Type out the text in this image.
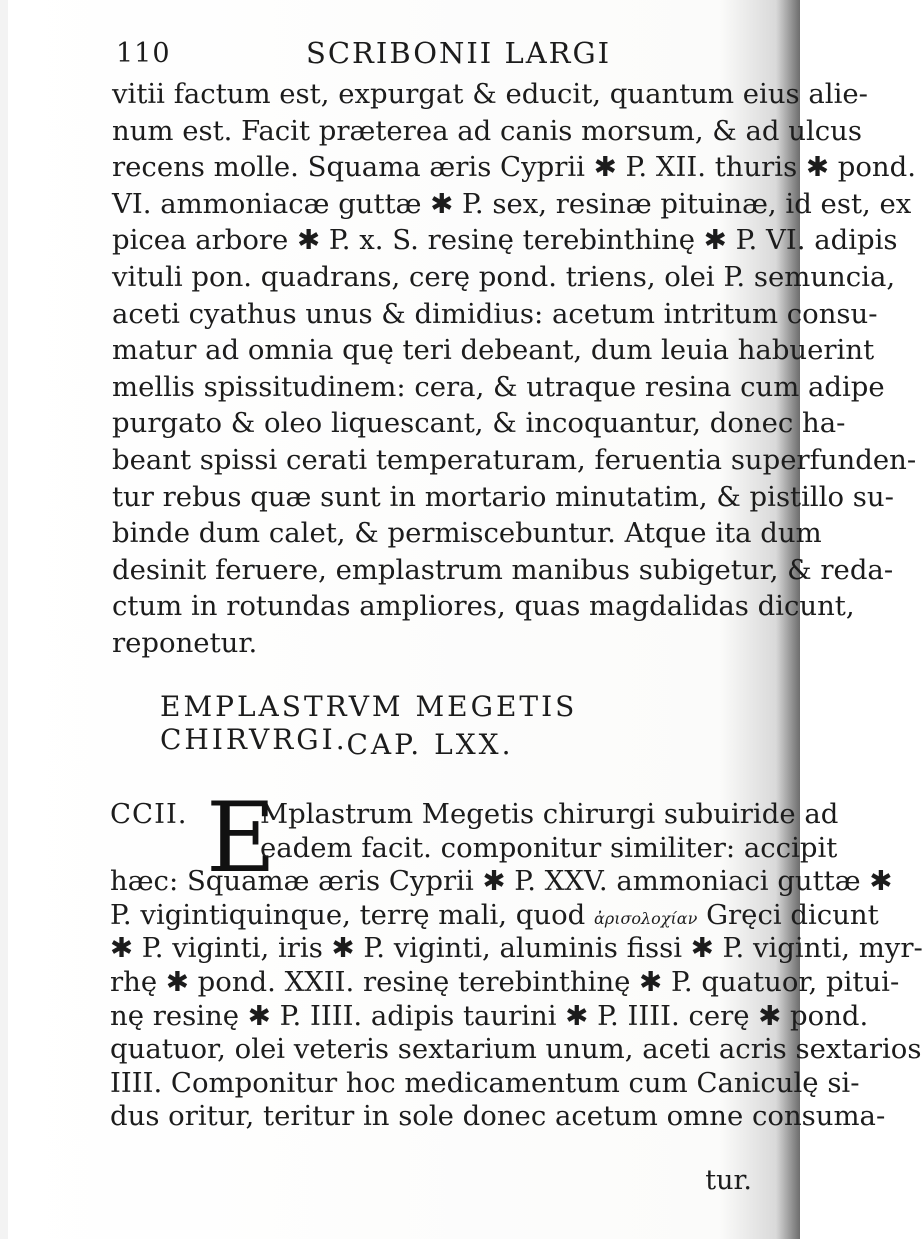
110	SCRIBONII LARGI
vitii factum est, expurgat & educit, quantum eius alie-
num est. Facit præterea ad canis morsum, & ad ulcus
recens molle. Squama æris Cyprii ✱ P. XII. thuris ✱ pond.
VI. ammoniacæ guttæ ✱ P. sex, resinæ pituinæ, id est, ex
picea arbore ✱ P. x. S. resinę terebinthinę ✱ P. VI. adipis
vituli pon. quadrans, cerę pond. triens, olei P. semuncia,
aceti cyathus unus & dimidius: acetum intritum consu-
matur ad omnia quę teri debeant, dum leuia habuerint
mellis spissitudinem: cera, & utraque resina cum adipe
purgato & oleo liquescant, & incoquantur, donec ha-
beant spissi cerati temperaturam, feruentia superfunden-
tur rebus quæ sunt in mortario minutatim, & pistillo su-
binde dum calet, & permiscebuntur. Atque ita dum
desinit feruere, emplastrum manibus subigetur, & reda-
ctum in rotundas ampliores, quas magdalidas dicunt,
reponetur.
EMPLASTRVM MEGETIS CHIRVRGI.
CAP. LXX.
CCII. E
Mplastrum Megetis chirurgi subuiride ad
eadem facit. componitur similiter: accipit
hæc: Squamæ æris Cyprii ✱ P. XXV. ammoniaci guttæ ✱
P. vigintiquinque, terrę mali, quod ἀρισολοχίαν Gręci dicunt
✱ P. viginti, iris ✱ P. viginti, aluminis fissi ✱ P. viginti, myr-
rhę ✱ pond. XXII. resinę terebinthinę ✱ P. quatuor, pitui-
nę resinę ✱ P. IIII. adipis taurini ✱ P. IIII. cerę ✱ pond.
quatuor, olei veteris sextarium unum, aceti acris sextarios
IIII. Componitur hoc medicamentum cum Caniculę si-
dus oritur, teritur in sole donec acetum omne consuma-
tur.
